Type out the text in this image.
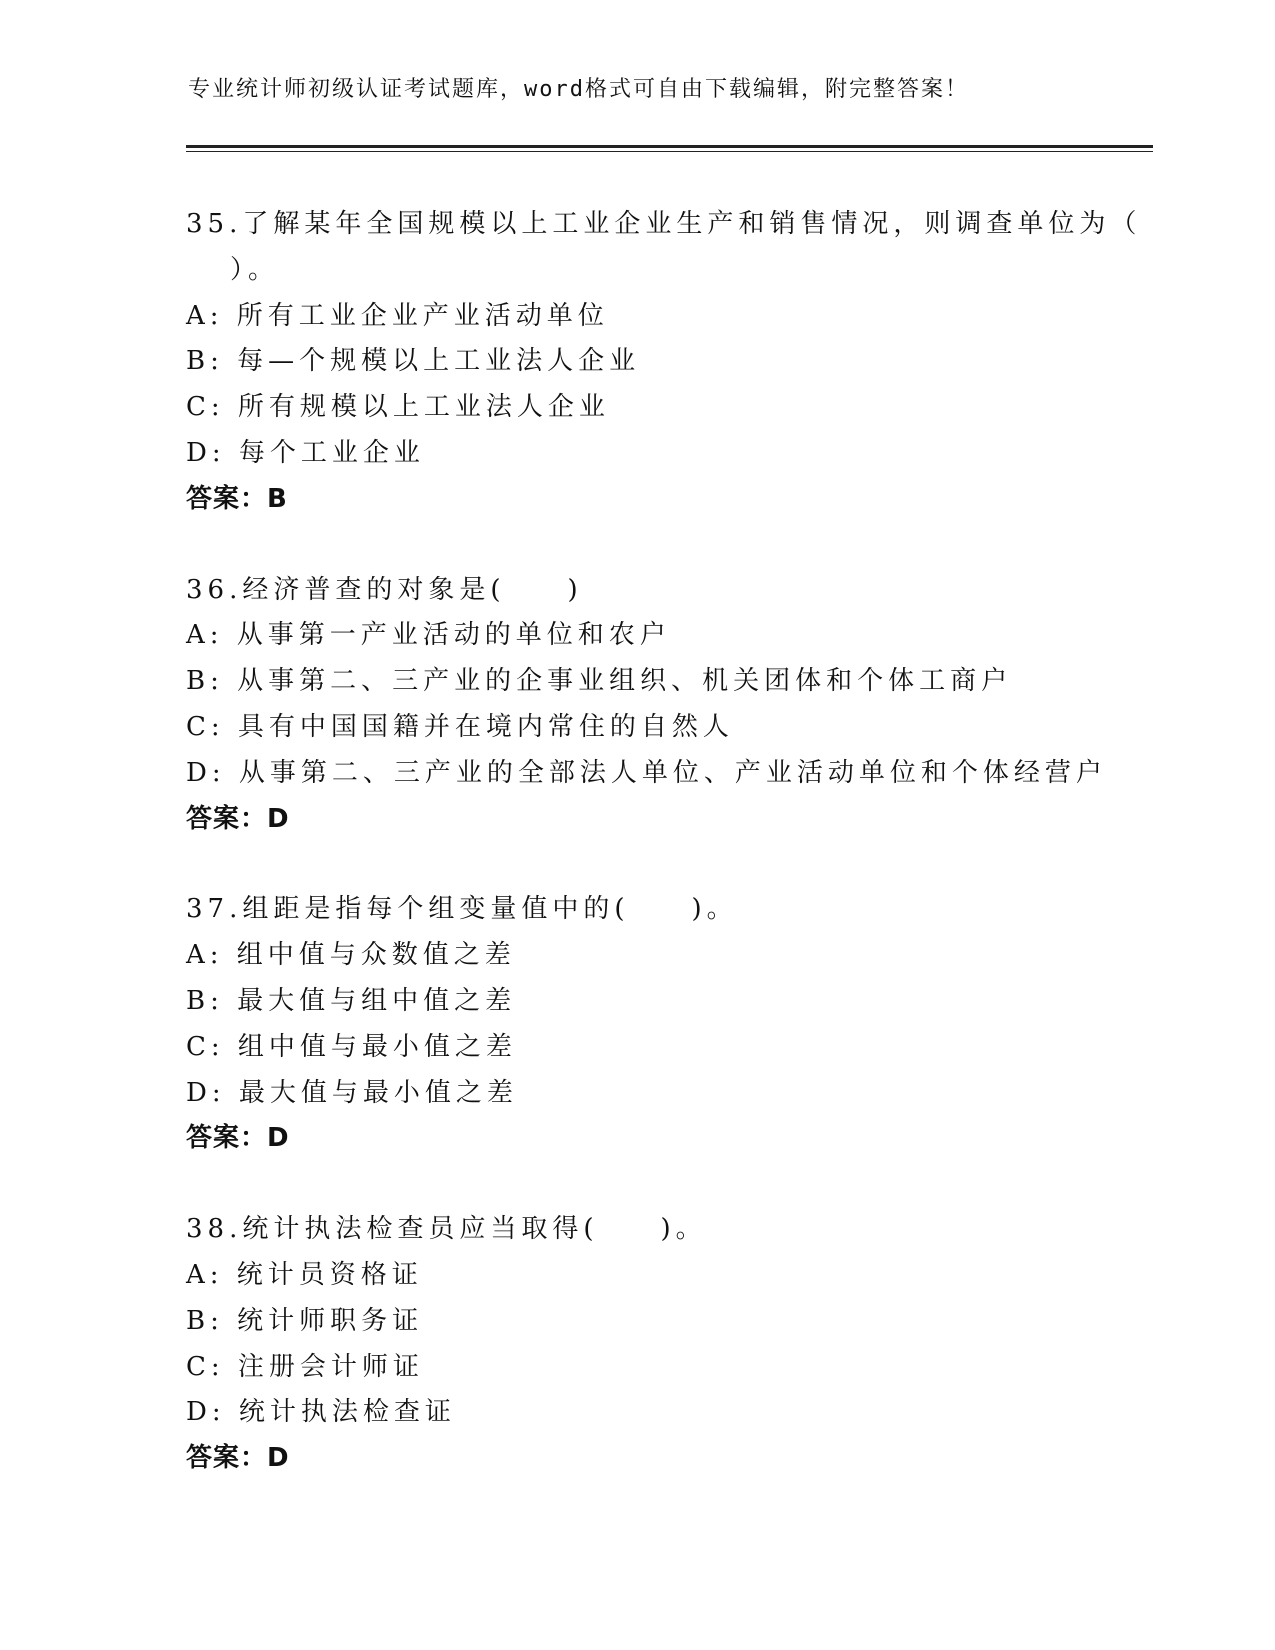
专业统计师初级认证考试题库，word格式可自由下载编辑，附完整答案！
35.了解某年全国规模以上工业企业生产和销售情况，则调查单位为（
）。
A: 所有工业企业产业活动单位
B: 每—个规模以上工业法人企业
C: 所有规模以上工业法人企业
D: 每个工业企业
答案：B
36.经济普查的对象是(　　)
A: 从事第一产业活动的单位和农户
B: 从事第二、三产业的企事业组织、机关团体和个体工商户
C: 具有中国国籍并在境内常住的自然人
D: 从事第二、三产业的全部法人单位、产业活动单位和个体经营户
答案：D
37.组距是指每个组变量值中的(　　)。
A: 组中值与众数值之差
B: 最大值与组中值之差
C: 组中值与最小值之差
D: 最大值与最小值之差
答案：D
38.统计执法检查员应当取得(　　)。
A: 统计员资格证
B: 统计师职务证
C: 注册会计师证
D: 统计执法检查证
答案：D
